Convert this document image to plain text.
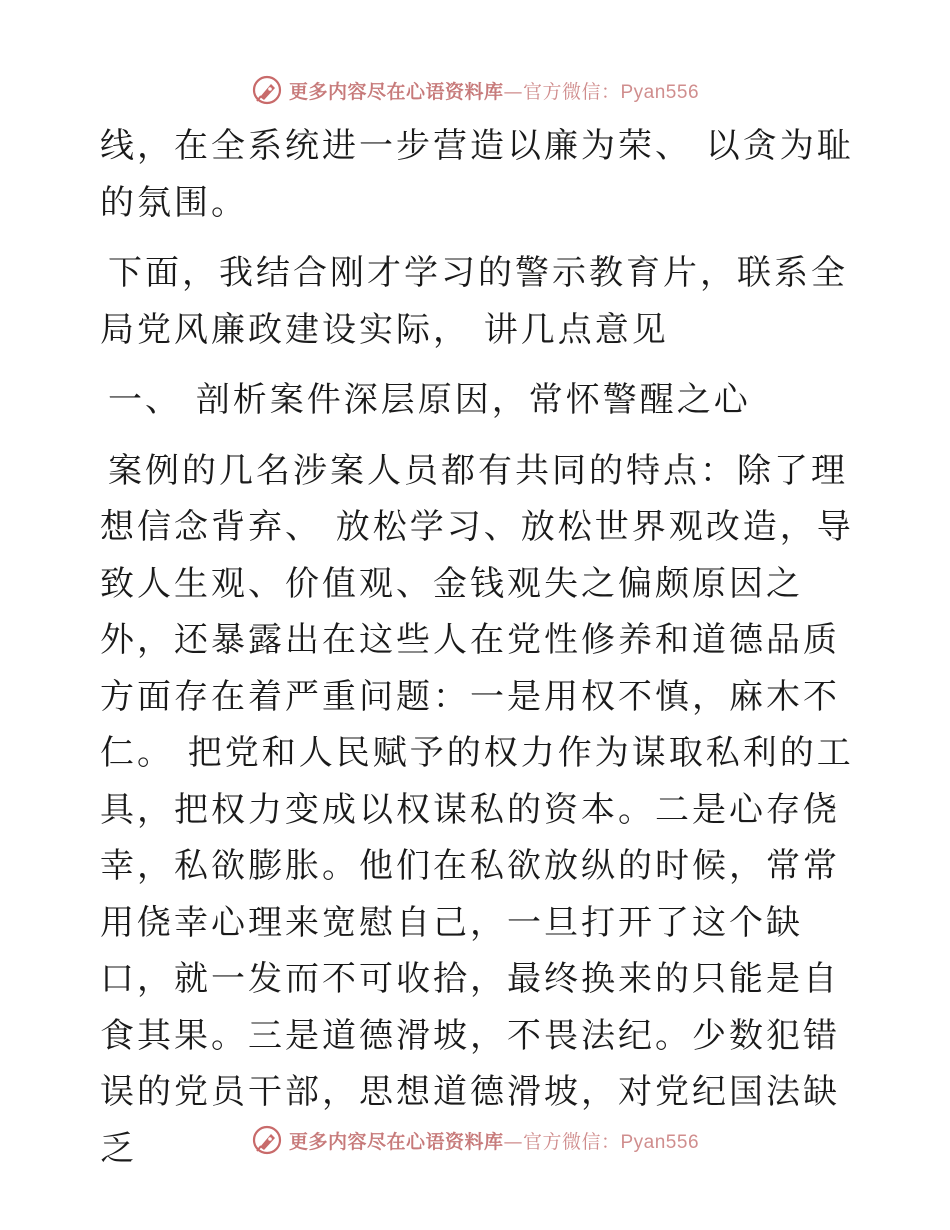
更多内容尽在心语资料库—官方微信：Pyan556

线，在全系统进一步营造以廉为荣、 以贪为耻的氛围。

下面，我结合刚才学习的警示教育片，联系全局党风廉政建设实际， 讲几点意见

一、 剖析案件深层原因，常怀警醒之心

案例的几名涉案人员都有共同的特点：除了理想信念背弃、 放松学习、放松世界观改造，导致人生观、价值观、金钱观失之偏颇原因之外，还暴露出在这些人在党性修养和道德品质方面存在着严重问题：一是用权不慎，麻木不仁。 把党和人民赋予的权力作为谋取私利的工具，把权力变成以权谋私的资本。二是心存侥幸，私欲膨胀。他们在私欲放纵的时候，常常用侥幸心理来宽慰自己，一旦打开了这个缺口，就一发而不可收拾，最终换来的只能是自食其果。三是道德滑坡，不畏法纪。少数犯错误的党员干部，思想道德滑坡，对党纪国法缺乏	更多内容尽在心语资料库—官方微信：Pyan556
